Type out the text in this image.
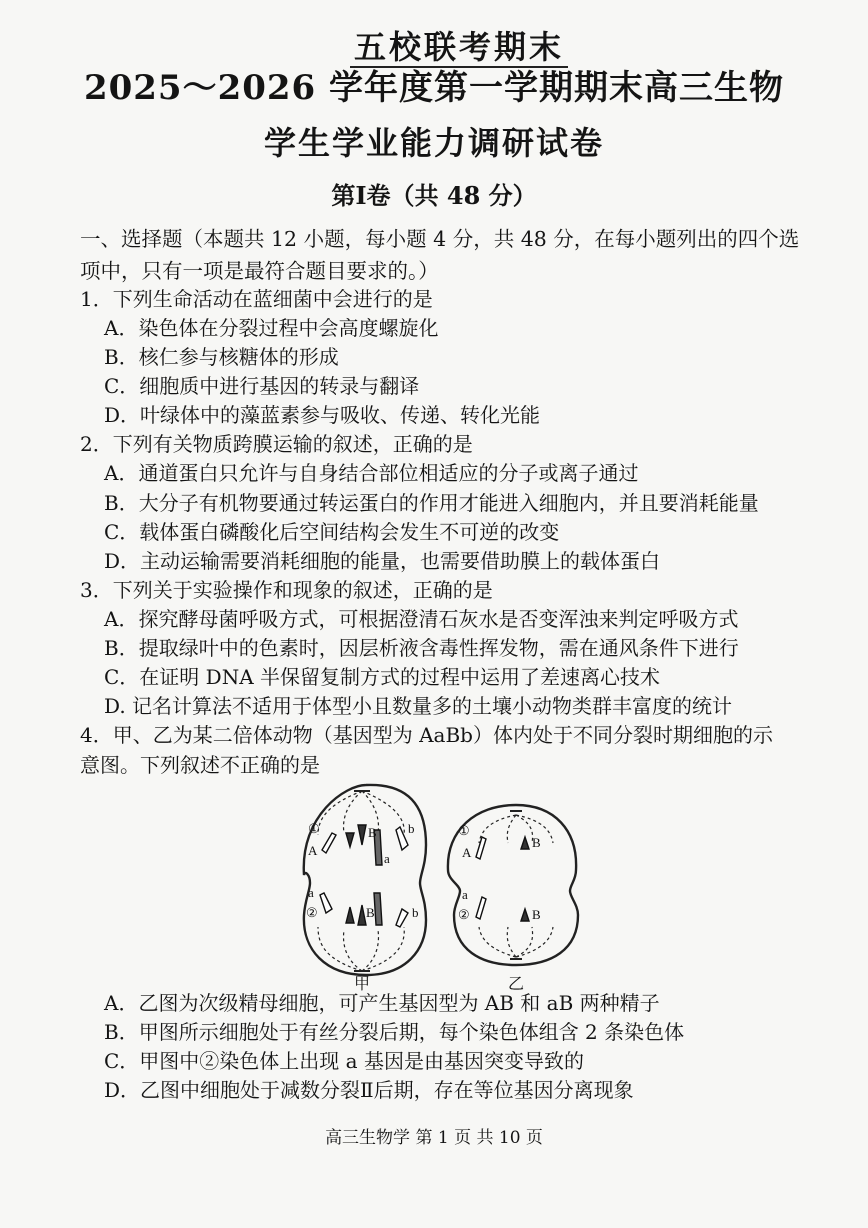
五校联考期末
2025～2026 学年度第一学期期末高三生物
学生学业能力调研试卷
第Ⅰ卷（共 48 分）
一、选择题（本题共 12 小题，每小题 4 分，共 48 分，在每小题列出的四个选
项中，只有一项是最符合题目要求的。）
1．下列生命活动在蓝细菌中会进行的是
A．染色体在分裂过程中会高度螺旋化
B．核仁参与核糖体的形成
C．细胞质中进行基因的转录与翻译
D．叶绿体中的藻蓝素参与吸收、传递、转化光能
2．下列有关物质跨膜运输的叙述，正确的是
A．通道蛋白只允许与自身结合部位相适应的分子或离子通过
B．大分子有机物要通过转运蛋白的作用才能进入细胞内，并且要消耗能量
C．载体蛋白磷酸化后空间结构会发生不可逆的改变
D．主动运输需要消耗细胞的能量，也需要借助膜上的载体蛋白
3．下列关于实验操作和现象的叙述，正确的是
A．探究酵母菌呼吸方式，可根据澄清石灰水是否变浑浊来判定呼吸方式
B．提取绿叶中的色素时，因层析液含毒性挥发物，需在通风条件下进行
C．在证明 DNA 半保留复制方式的过程中运用了差速离心技术
D. 记名计算法不适用于体型小且数量多的土壤小动物类群丰富度的统计
4．甲、乙为某二倍体动物（基因型为 AaBb）体内处于不同分裂时期细胞的示
意图。下列叙述不正确的是
①
A
B b
a
a
②	B	b
①
A
B
a
②	B
甲	乙
A．乙图为次级精母细胞，可产生基因型为 AB 和 aB 两种精子
B．甲图所示细胞处于有丝分裂后期，每个染色体组含 2 条染色体
C．甲图中②染色体上出现 a 基因是由基因突变导致的
D．乙图中细胞处于减数分裂Ⅱ后期，存在等位基因分离现象
高三生物学 第 1 页 共 10 页
